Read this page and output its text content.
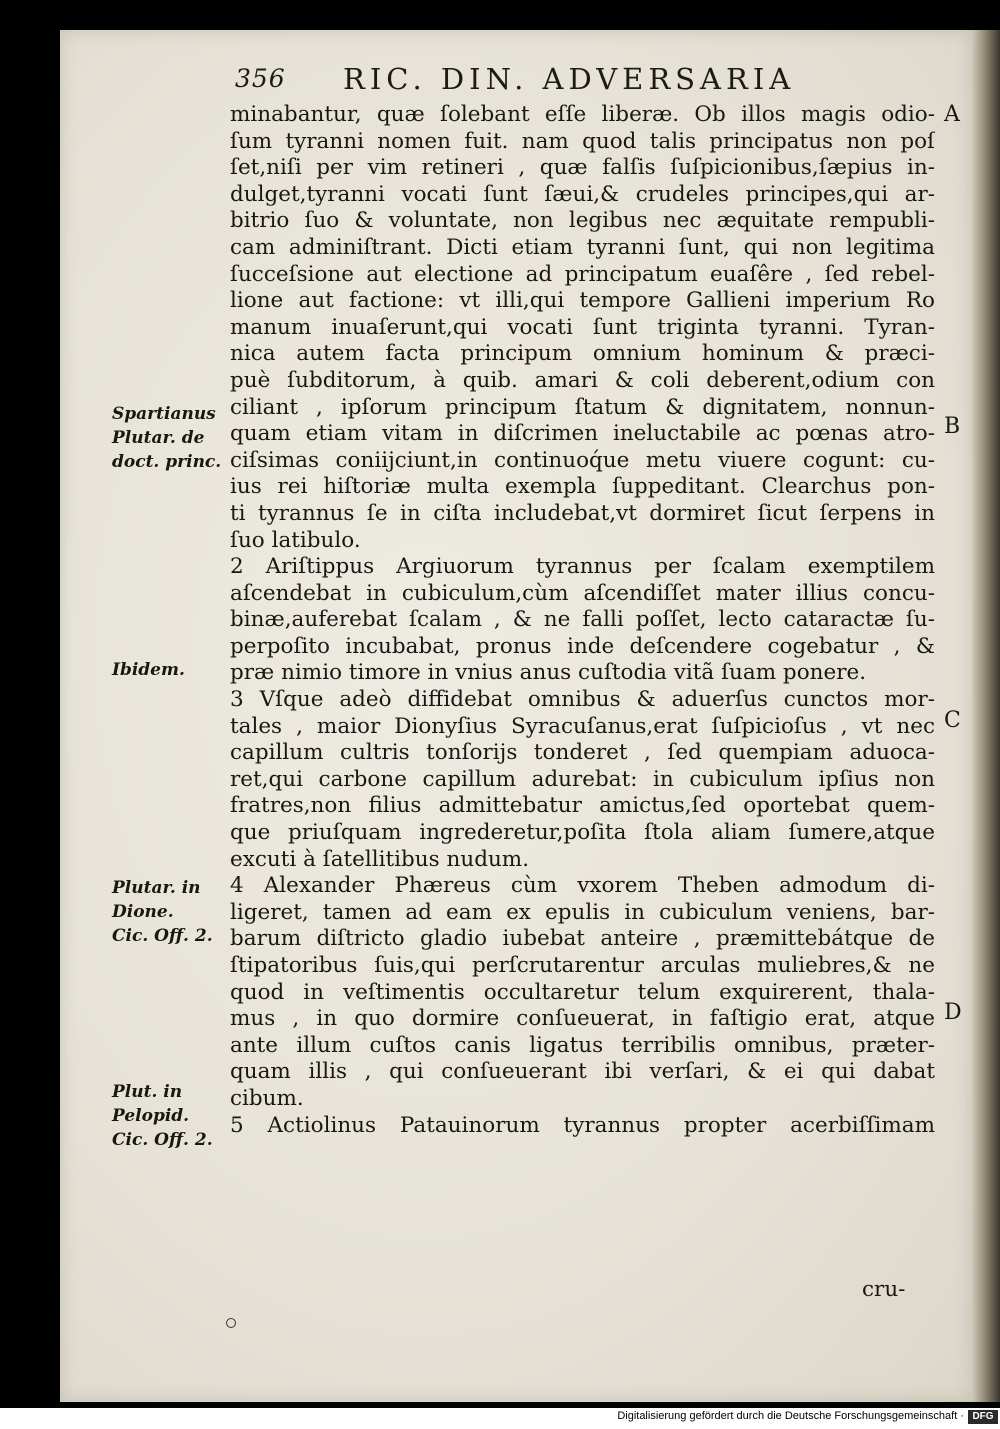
356 RIC. DIN. ADVERSARIA
minabantur, quæ ſolebant eſſe liberæ. Ob illos magis odio-
ſum tyranni nomen fuit. nam quod talis principatus non poſ
ſet,niſi per vim retineri , quæ falſis ſuſpicionibus,ſæpius in-
dulget,tyranni vocati ſunt ſæui,& crudeles principes,qui ar-
bitrio ſuo & voluntate, non legibus nec æquitate rempubli-
cam adminiſtrant. Dicti etiam tyranni ſunt, qui non legitima
ſucceſsione aut electione ad principatum euaſêre , ſed rebel-
lione aut factione: vt illi,qui tempore Gallieni imperium Ro
manum inuaſerunt,qui vocati ſunt triginta tyranni. Tyran-
nica autem facta principum omnium hominum & præci-
puè ſubditorum, à quib. amari & coli deberent,odium con
ciliant , ipſorum principum ſtatum & dignitatem, nonnun-
quam etiam vitam in diſcrimen ineluctabile ac pœnas atro-
ciſsimas coniijciunt,in continuoq́ue metu viuere cogunt: cu-
ius rei hiſtoriæ multa exempla ſuppeditant. Clearchus pon-
ti tyrannus ſe in ciſta includebat,vt dormiret ſicut ſerpens in
ſuo latibulo.
2 Ariſtippus Argiuorum tyrannus per ſcalam exemptilem
aſcendebat in cubiculum,cùm aſcendiſſet mater illius concu-
binæ,auferebat ſcalam , & ne falli poſſet, lecto cataractæ ſu-
perpoſito incubabat, pronus inde deſcendere cogebatur , &
præ nimio timore in vnius anus cuſtodia vitã ſuam ponere.
3 Vſque adeò diffidebat omnibus & aduerſus cunctos mor-
tales , maior Dionyſius Syracuſanus,erat ſuſpicioſus , vt nec
capillum cultris tonſorijs tonderet , ſed quempiam aduoca-
ret,qui carbone capillum adurebat: in cubiculum ipſius non
fratres,non filius admittebatur amictus,ſed oportebat quem-
que priuſquam ingrederetur,poſita ſtola aliam ſumere,atque
excuti à ſatellitibus nudum.
4 Alexander Phæreus cùm vxorem Theben admodum di-
ligeret, tamen ad eam ex epulis in cubiculum veniens, bar-
barum diſtricto gladio iubebat anteire , præmittebátque de
ſtipatoribus ſuis,qui perſcrutarentur arculas muliebres,& ne
quod in veſtimentis occultaretur telum exquirerent, thala-
mus , in quo dormire conſueuerat, in faſtigio erat, atque
ante illum cuſtos canis ligatus terribilis omnibus, præter-
quam illis , qui conſueuerant ibi verſari, & ei qui dabat
cibum.
5 Actiolinus Patauinorum tyrannus propter acerbiſſimam
Spartianus
Plutar. de
doct. princ.
Ibidem.
Plutar. in
Dione.
Cic. Off. 2.
Plut. in
Pelopid.
Cic. Off. 2.
A
B
C
D
cru-
Digitalisierung gefördert durch die Deutsche Forschungsgemeinschaft · DFG
